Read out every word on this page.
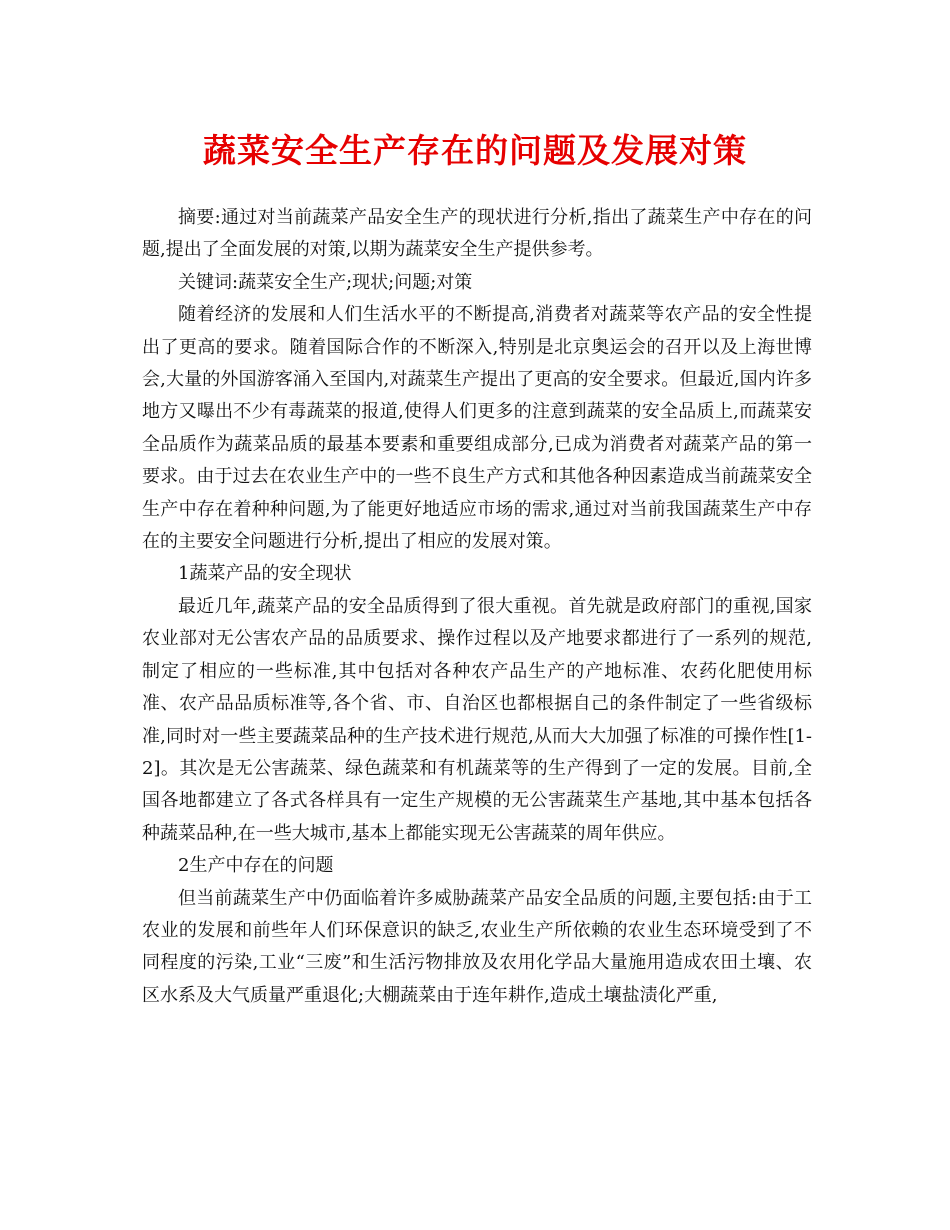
蔬菜安全生产存在的问题及发展对策

摘要:通过对当前蔬菜产品安全生产的现状进行分析,指出了蔬菜生产中存在的问题,提出了全面发展的对策,以期为蔬菜安全生产提供参考。

关键词:蔬菜安全生产;现状;问题;对策

随着经济的发展和人们生活水平的不断提高,消费者对蔬菜等农产品的安全性提出了更高的要求。随着国际合作的不断深入,特别是北京奥运会的召开以及上海世博会,大量的外国游客涌入至国内,对蔬菜生产提出了更高的安全要求。但最近,国内许多地方又曝出不少有毒蔬菜的报道,使得人们更多的注意到蔬菜的安全品质上,而蔬菜安全品质作为蔬菜品质的最基本要素和重要组成部分,已成为消费者对蔬菜产品的第一要求。由于过去在农业生产中的一些不良生产方式和其他各种因素造成当前蔬菜安全生产中存在着种种问题,为了能更好地适应市场的需求,通过对当前我国蔬菜生产中存在的主要安全问题进行分析,提出了相应的发展对策。

1蔬菜产品的安全现状

最近几年,蔬菜产品的安全品质得到了很大重视。首先就是政府部门的重视,国家农业部对无公害农产品的品质要求、操作过程以及产地要求都进行了一系列的规范,制定了相应的一些标准,其中包括对各种农产品生产的产地标准、农药化肥使用标准、农产品品质标准等,各个省、市、自治区也都根据自己的条件制定了一些省级标准,同时对一些主要蔬菜品种的生产技术进行规范,从而大大加强了标准的可操作性[1-2]。其次是无公害蔬菜、绿色蔬菜和有机蔬菜等的生产得到了一定的发展。目前,全国各地都建立了各式各样具有一定生产规模的无公害蔬菜生产基地,其中基本包括各种蔬菜品种,在一些大城市,基本上都能实现无公害蔬菜的周年供应。

2生产中存在的问题

但当前蔬菜生产中仍面临着许多威胁蔬菜产品安全品质的问题,主要包括:由于工农业的发展和前些年人们环保意识的缺乏,农业生产所依赖的农业生态环境受到了不同程度的污染,工业“三废”和生活污物排放及农用化学品大量施用造成农田土壤、农区水系及大气质量严重退化;大棚蔬菜由于连年耕作,造成土壤盐渍化严重,
